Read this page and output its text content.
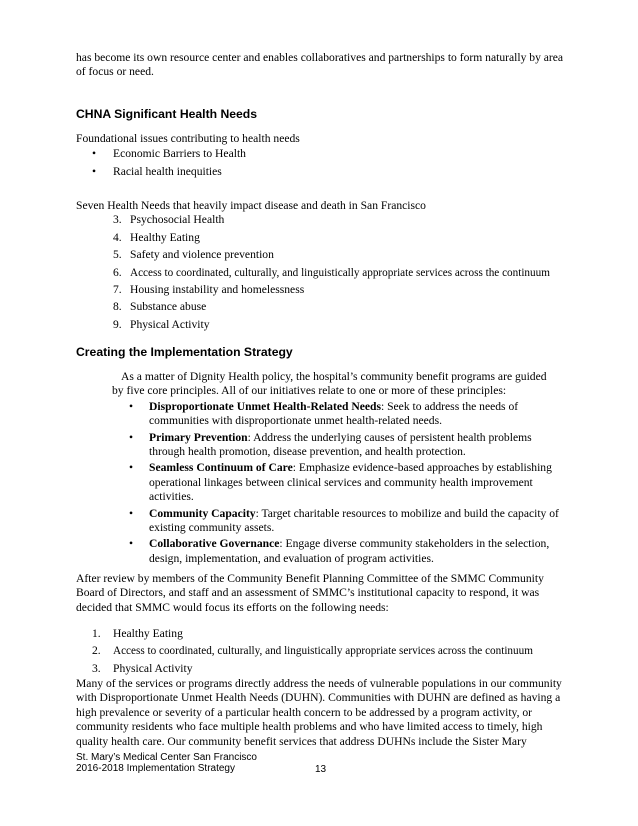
has become its own resource center and enables collaboratives and partnerships to form naturally by area of focus or need.

CHNA Significant Health Needs

Foundational issues contributing to health needs

• Economic Barriers to Health
• Racial health inequities

Seven Health Needs that heavily impact disease and death in San Francisco

3. Psychosocial Health
4. Healthy Eating
5. Safety and violence prevention
6. Access to coordinated, culturally, and linguistically appropriate services across the continuum
7. Housing instability and homelessness
8. Substance abuse
9. Physical Activity
Creating the Implementation Strategy

As a matter of Dignity Health policy, the hospital’s community benefit programs are guided by five core principles. All of our initiatives relate to one or more of these principles:

• Disproportionate Unmet Health-Related Needs: Seek to address the needs of communities with disproportionate unmet health-related needs.
• Primary Prevention: Address the underlying causes of persistent health problems through health promotion, disease prevention, and health protection.
• Seamless Continuum of Care: Emphasize evidence-based approaches by establishing operational linkages between clinical services and community health improvement activities.
• Community Capacity: Target charitable resources to mobilize and build the capacity of existing community assets.
• Collaborative Governance: Engage diverse community stakeholders in the selection, design, implementation, and evaluation of program activities.

After review by members of the Community Benefit Planning Committee of the SMMC Community Board of Directors, and staff and an assessment of SMMC’s institutional capacity to respond, it was decided that SMMC would focus its efforts on the following needs:

1. Healthy Eating
2. Access to coordinated, culturally, and linguistically appropriate services across the continuum
3. Physical Activity

Many of the services or programs directly address the needs of vulnerable populations in our community with Disproportionate Unmet Health Needs (DUHN). Communities with DUHN are defined as having a high prevalence or severity of a particular health concern to be addressed by a program activity, or community residents who face multiple health problems and who have limited access to timely, high quality health care. Our community benefit services that address DUHNs include the Sister Mary

St. Mary’s Medical Center San Francisco
2016-2018 Implementation Strategy	13
